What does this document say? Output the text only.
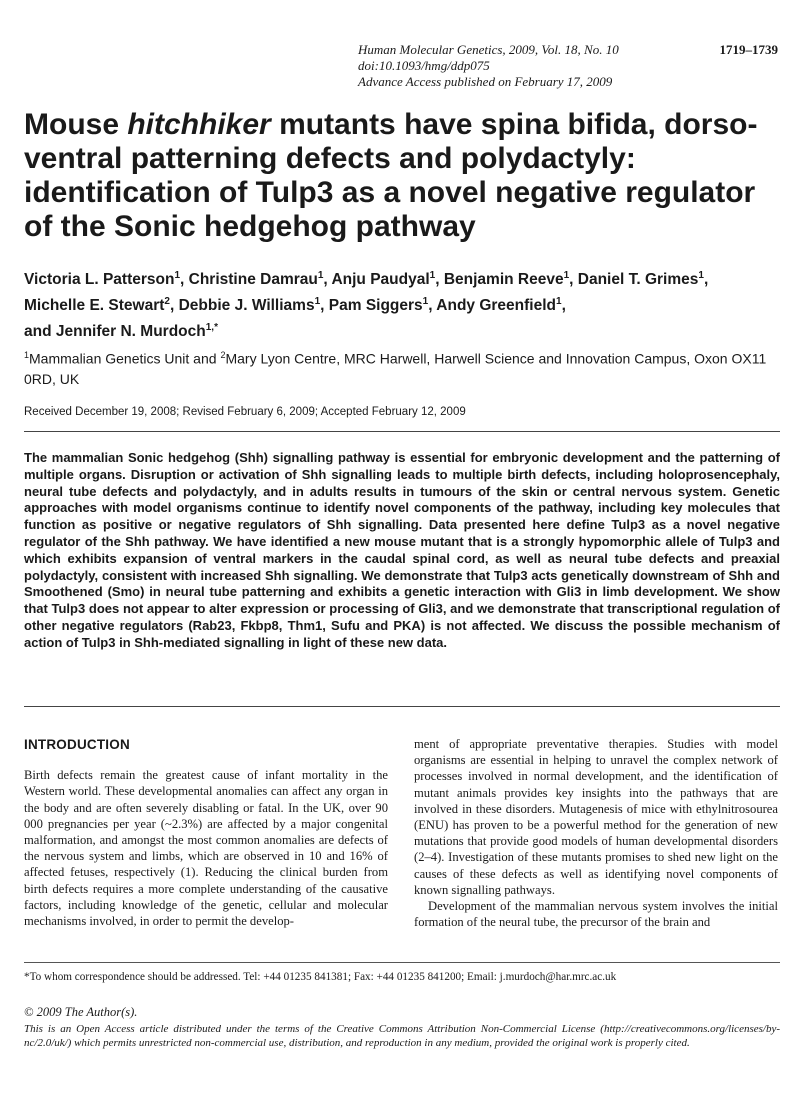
Human Molecular Genetics, 2009, Vol. 18, No. 10	1719–1739
doi:10.1093/hmg/ddp075
Advance Access published on February 17, 2009
Mouse hitchhiker mutants have spina bifida, dorso-ventral patterning defects and polydactyly: identification of Tulp3 as a novel negative regulator of the Sonic hedgehog pathway
Victoria L. Patterson$^1$, Christine Damrau$^1$, Anju Paudyal$^1$, Benjamin Reeve$^1$, Daniel T. Grimes$^1$,
Michelle E. Stewart$^2$, Debbie J. Williams$^1$, Pam Siggers$^1$, Andy Greenfield$^1$,
and Jennifer N. Murdoch$^{1,*}$
$^1$Mammalian Genetics Unit and $^2$Mary Lyon Centre, MRC Harwell, Harwell Science and Innovation Campus, Oxon OX11 0RD, UK
Received December 19, 2008; Revised February 6, 2009; Accepted February 12, 2009

The mammalian Sonic hedgehog (Shh) signalling pathway is essential for embryonic development and the patterning of multiple organs. Disruption or activation of Shh signalling leads to multiple birth defects, including holoprosencephaly, neural tube defects and polydactyly, and in adults results in tumours of the skin or central nervous system. Genetic approaches with model organisms continue to identify novel components of the pathway, including key molecules that function as positive or negative regulators of Shh signalling. Data presented here define Tulp3 as a novel negative regulator of the Shh pathway. We have identified a new mouse mutant that is a strongly hypomorphic allele of Tulp3 and which exhibits expansion of ventral markers in the caudal spinal cord, as well as neural tube defects and preaxial polydactyly, consistent with increased Shh signalling. We demonstrate that Tulp3 acts genetically downstream of Shh and Smoothened (Smo) in neural tube patterning and exhibits a genetic interaction with Gli3 in limb development. We show that Tulp3 does not appear to alter expression or processing of Gli3, and we demonstrate that transcriptional regulation of other negative regulators (Rab23, Fkbp8, Thm1, Sufu and PKA) is not affected. We discuss the possible mechanism of action of Tulp3 in Shh-mediated signalling in light of these new data.

INTRODUCTION

Birth defects remain the greatest cause of infant mortality in the Western world. These developmental anomalies can affect any organ in the body and are often severely disabling or fatal. In the UK, over 90 000 pregnancies per year (~2.3%) are affected by a major congenital malformation, and amongst the most common anomalies are defects of the nervous system and limbs, which are observed in 10 and 16% of affected fetuses, respectively (1). Reducing the clinical burden from birth defects requires a more complete understanding of the causative factors, including knowledge of the genetic, cellular and molecular mechanisms involved, in order to permit the develop-

ment of appropriate preventative therapies. Studies with model organisms are essential in helping to unravel the complex network of processes involved in normal development, and the identification of mutant animals provides key insights into the pathways that are involved in these disorders. Mutagenesis of mice with ethylnitrosourea (ENU) has proven to be a powerful method for the generation of new mutations that provide good models of human developmental disorders (2–4). Investigation of these mutants promises to shed new light on the causes of these defects as well as identifying novel components of known signalling pathways.

Development of the mammalian nervous system involves the initial formation of the neural tube, the precursor of the brain and

*To whom correspondence should be addressed. Tel: +44 01235 841381; Fax: +44 01235 841200; Email: j.murdoch@har.mrc.ac.uk
© 2009 The Author(s).
This is an Open Access article distributed under the terms of the Creative Commons Attribution Non-Commercial License (http://creativecommons.org/licenses/by-nc/2.0/uk/) which permits unrestricted non-commercial use, distribution, and reproduction in any medium, provided the original work is properly cited.
